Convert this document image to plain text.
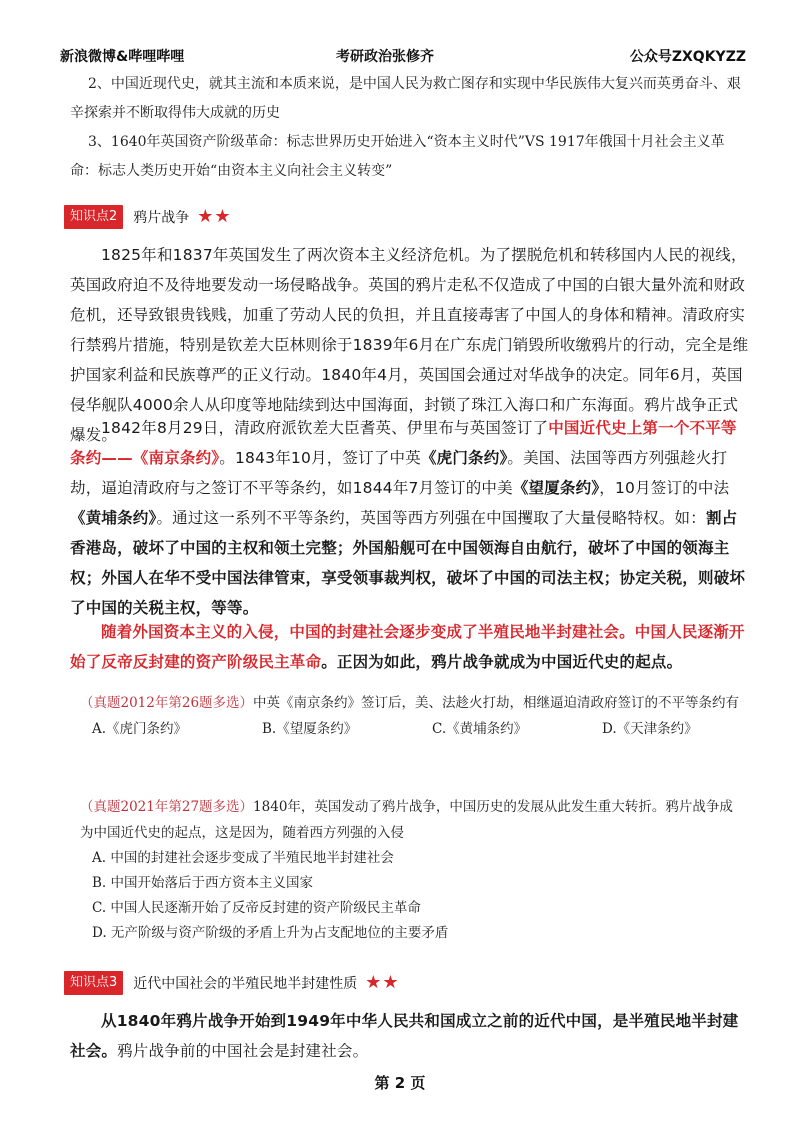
新浪微博&哔哩哔哩	考研政治张修齐	公众号ZXQKYZZ

2、中国近现代史，就其主流和本质来说，是中国人民为救亡图存和实现中华民族伟大复兴而英勇奋斗、艰辛探索并不断取得伟大成就的历史

3、1640年英国资产阶级革命：标志世界历史开始进入“资本主义时代”VS 1917年俄国十月社会主义革命：标志人类历史开始“由资本主义向社会主义转变”

知识点2	鸦片战争 ★★

1825年和1837年英国发生了两次资本主义经济危机。为了摆脱危机和转移国内人民的视线，英国政府迫不及待地要发动一场侵略战争。英国的鸦片走私不仅造成了中国的白银大量外流和财政危机，还导致银贵钱贱，加重了劳动人民的负担，并且直接毒害了中国人的身体和精神。清政府实行禁鸦片措施，特别是钦差大臣林则徐于1839年6月在广东虎门销毁所收缴鸦片的行动，完全是维护国家利益和民族尊严的正义行动。1840年4月，英国国会通过对华战争的决定。同年6月，英国侵华舰队4000余人从印度等地陆续到达中国海面，封锁了珠江入海口和广东海面。鸦片战争正式爆发。

1842年8月29日，清政府派钦差大臣耆英、伊里布与英国签订了中国近代史上第一个不平等条约——《南京条约》。1843年10月，签订了中英《虎门条约》。美国、法国等西方列强趁火打劫，逼迫清政府与之签订不平等条约，如1844年7月签订的中美《望厦条约》，10月签订的中法《黄埔条约》。通过这一系列不平等条约，英国等西方列强在中国攫取了大量侵略特权。如：割占香港岛，破坏了中国的主权和领土完整；外国船舰可在中国领海自由航行，破坏了中国的领海主权；外国人在华不受中国法律管束，享受领事裁判权，破坏了中国的司法主权；协定关税，则破坏了中国的关税主权，等等。

随着外国资本主义的入侵，中国的封建社会逐步变成了半殖民地半封建社会。中国人民逐渐开始了反帝反封建的资产阶级民主革命。正因为如此，鸦片战争就成为中国近代史的起点。

（真题2012年第26题多选）中英《南京条约》签订后，美、法趁火打劫，相继逼迫清政府签订的不平等条约有

A.《虎门条约》	B.《望厦条约》	C.《黄埔条约》	D.《天津条约》

（真题2021年第27题多选）1840年，英国发动了鸦片战争，中国历史的发展从此发生重大转折。鸦片战争成为中国近代史的起点，这是因为，随着西方列强的入侵

A. 中国的封建社会逐步变成了半殖民地半封建社会
B. 中国开始落后于西方资本主义国家
C. 中国人民逐渐开始了反帝反封建的资产阶级民主革命
D. 无产阶级与资产阶级的矛盾上升为占支配地位的主要矛盾
知识点3	近代中国社会的半殖民地半封建性质 ★★

从1840年鸦片战争开始到1949年中华人民共和国成立之前的近代中国，是半殖民地半封建社会。鸦片战争前的中国社会是封建社会。

第 2 页
